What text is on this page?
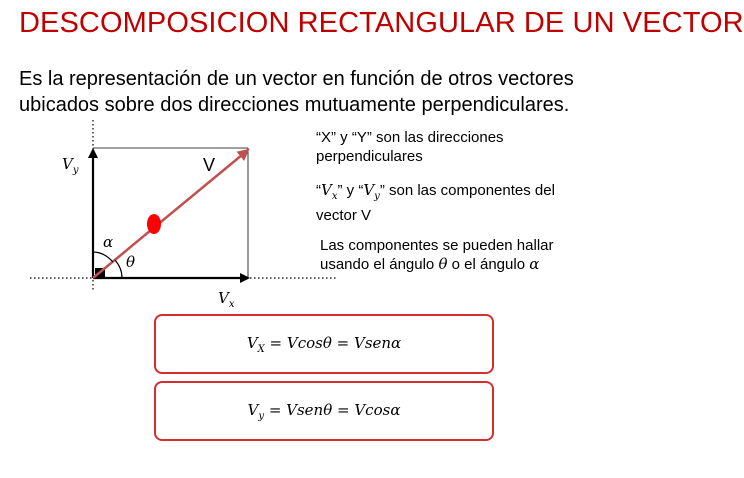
DESCOMPOSICION RECTANGULAR DE UN VECTOR
Es la representación de un vector en función de otros vectores
ubicados sobre dos direcciones mutuamente perpendiculares.
$V_y$	V
α
θ
$V_x$
“X” y “Y” son las direcciones
perpendiculares
“$V_x$” y “$V_y$” son las componentes del
vector V
Las componentes se pueden hallar
usando el ángulo θ o el ángulo α
$V_X = Vcos\theta$ = Vsenα
$V_y$ = Vsenθ = Vcosα
